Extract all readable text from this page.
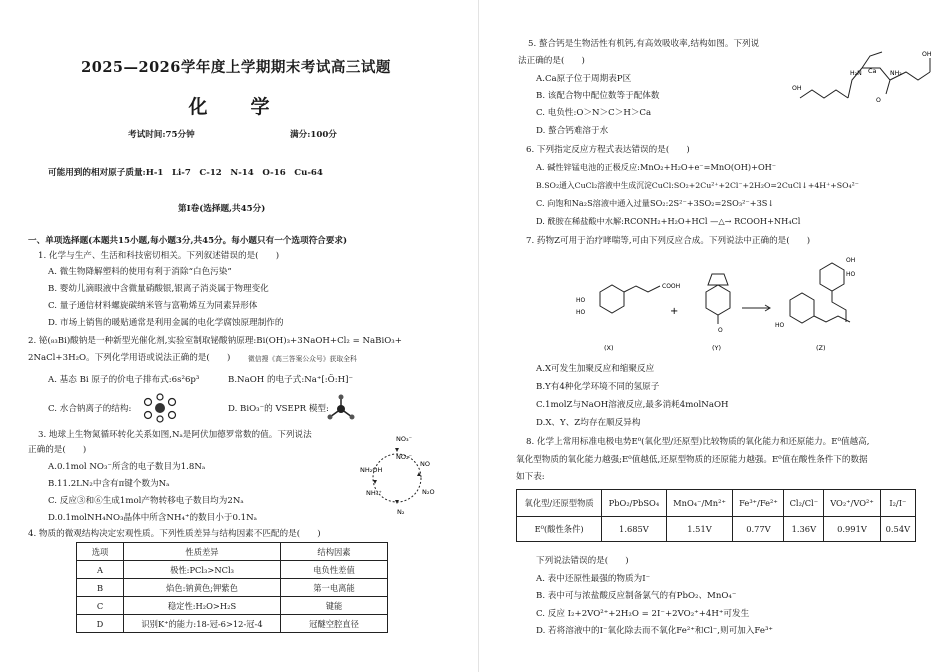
2025—2026学年度上学期期末考试高三试题
化　学
考试时间:75分钟	满分:100分
可能用到的相对原子质量:H-1　Li-7　C-12　N-14　O-16　Cu-64
第Ⅰ卷(选择题,共45分)
一、单项选择题(本题共15小题,每小题3分,共45分。每小题只有一个选项符合要求)
1. 化学与生产、生活和科技密切相关。下列叙述错误的是(　　)
A. 微生物降解塑料的使用有利于消除“白色污染”
B. 婴幼儿滴眼液中含微量硝酸银,银离子消炎属于物理变化
C. 量子通信材料螺旋碳纳米管与富勒烯互为同素异形体
D. 市场上销售的暖贴通常是利用金属的电化学腐蚀原理制作的
2. 铋(₈₃Bi)酸钠是一种新型光催化剂,实验室制取铋酸钠原理:Bi(OH)₃+3NaOH+Cl₂ = NaBiO₃+
2NaCl+3H₂O。下列化学用语或说法正确的是(　　)	微信搜《高三答案公众号》获取全科
A. 基态 Bi 原子的价电子排布式:6s²6p³	B.NaOH 的电子式:Na⁺[:Ö:H]⁻
C. 水合钠离子的结构:	D. BiO₃⁻的 VSEPR 模型:
3. 地球上生物氮循环转化关系如图,Nₐ是阿伏加德罗常数的值。下列说法
正确的是(　　)
A.0.1mol NO₃⁻所含的电子数目为1.8Nₐ
B.11.2LN₂中含有π键个数为Nₐ
C. 反应③和⑥生成1mol产物转移电子数目均为2Nₐ
D.0.1molNH₄NO₃晶体中所含NH₄⁺的数目小于0.1Nₐ
NO₃⁻
NO₂⁻
NO
N₂O
N₂
NH₄⁺
NH₂OH
4. 物质的微观结构决定宏观性质。下列性质差异与结构因素不匹配的是(　　)
选项	性质差异	结构因素
A	极性:PCl₃>NCl₃	电负性差值
B	焰色:钠黄色;钾紫色	第一电离能
C	稳定性:H₂O>H₂S	键能
D	识别K⁺的能力:18-冠-6>12-冠-4	冠醚空腔直径
5. 螯合钙是生物活性有机钙,有高效吸收率,结构如图。下列说
法正确的是(　　)
A.Ca原子位于周期表P区
B. 该配合物中配位数等于配体数
C. 电负性:O＞N＞C＞H＞Ca
D. 螯合钙难溶于水
H₂N Ca NH₂
OH
OH
O
6. 下列指定反应方程式表达错误的是(　　)
A. 碱性锌锰电池的正极反应:MnO₂+H₂O+e⁻=MnO(OH)+OH⁻
B.SO₂通入CuCl₂溶液中生成沉淀CuCl:SO₂+2Cu²⁺+2Cl⁻+2H₂O=2CuCl↓+4H⁺+SO₄²⁻
C. 向饱和Na₂S溶液中通入过量SO₂:2S²⁻+3SO₂=2SO₃²⁻+3S↓
D. 酰胺在稀盐酸中水解:RCONH₂+H₂O+HCl —△→ RCOOH+NH₄Cl
7. 药物Z可用于治疗哮喘等,可由下列反应合成。下列说法中正确的是(　　)
COOH
HO
HO
OH
HO
O
HO
+
(X)	(Y)	(Z)
A.X可发生加聚反应和缩聚反应
B.Y有4种化学环境不同的氢原子
C.1molZ与NaOH溶液反应,最多消耗4molNaOH
D.X、Y、Z均存在顺反异构
8. 化学上常用标准电极电势E⁰(氧化型/还原型)比较物质的氧化能力和还原能力。E⁰值越高,
氧化型物质的氧化能力越强;E⁰值越低,还原型物质的还原能力越强。E⁰值在酸性条件下的数据
如下表:
氧化型/还原型物质	PbO₂/PbSO₄	MnO₄⁻/Mn²⁺	Fe³⁺/Fe²⁺	Cl₂/Cl⁻	VO₂⁺/VO²⁺	I₂/I⁻
E⁰(酸性条件)	1.685V	1.51V	0.77V	1.36V	0.991V	0.54V
下列说法错误的是(　　)
A. 表中还原性最强的物质为I⁻
B. 表中可与浓盐酸反应制备氯气的有PbO₂、MnO₄⁻
C. 反应 I₂+2VO²⁺+2H₂O = 2I⁻+2VO₂⁺+4H⁺可发生
D. 若将溶液中的I⁻氧化除去而不氧化Fe²⁺和Cl⁻,则可加入Fe³⁺
